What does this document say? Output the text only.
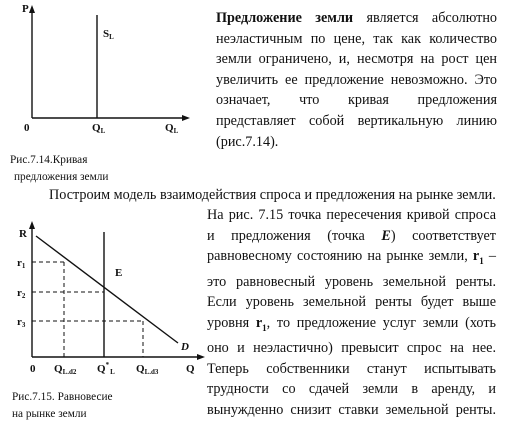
P
0
SL
QL	QL
Рис.7.14.Кривая
предложения земли
Предложение земли является абсолютно
неэластичным по цене, так как количество
земли ограничено, и, несмотря на рост цен
увеличить ее предложение невозможно. Это
означает, что кривая предложения
представляет собой вертикальную линию
(рис.7.14).
Построим модель взаимодействия спроса и предложения на рынке земли.
R
r1
r2
r3
E
D
0 QL.d2 $Q^*_L$ QL.d3	Q
Рис.7.15. Равновесие
на рынке земли
На рис. 7.15 точка пересечения кривой спроса
и предложения (точка E) соответствует
равновесному состоянию на рынке земли, $r_1$ –
это равновесный уровень земельной ренты.
Если уровень земельной ренты будет выше
уровня $r_1$, то предложение услуг земли (хоть
оно и неэластично) превысит спрос на нее.
Теперь собственники станут испытывать
трудности со сдачей земли в аренду, и
вынужденно снизит ставки земельной ренты.
